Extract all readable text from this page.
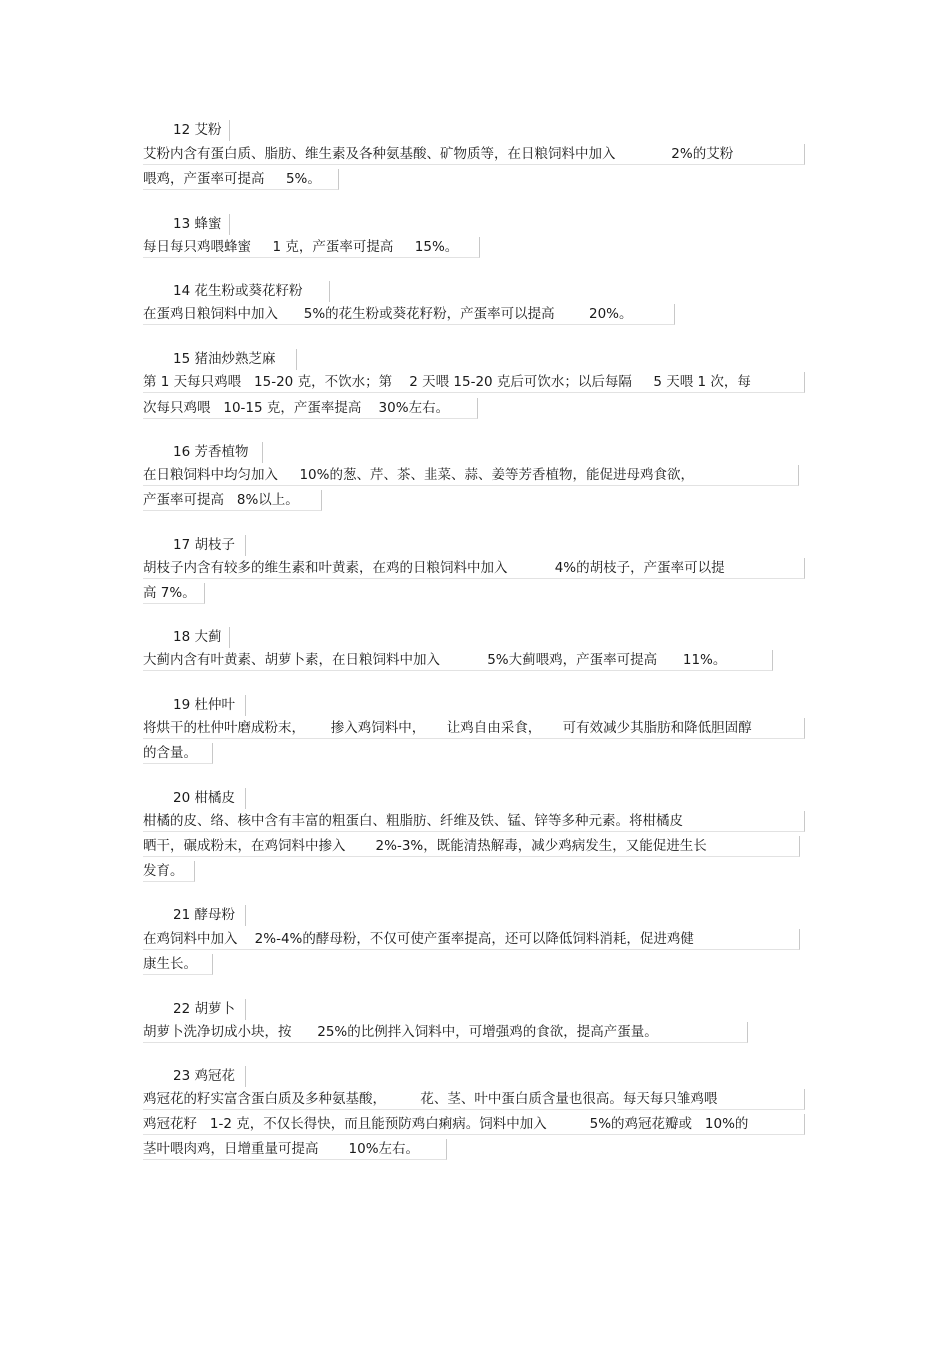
12 艾粉
艾粉内含有蛋白质、脂肪、维生素及各种氨基酸、矿物质等，在日粮饲料中加入             2%的艾粉
喂鸡，产蛋率可提高     5%。
13 蜂蜜
每日每只鸡喂蜂蜜     1 克，产蛋率可提高     15%。
14 花生粉或葵花籽粉
在蛋鸡日粮饲料中加入      5%的花生粉或葵花籽粉，产蛋率可以提高        20%。
15 猪油炒熟芝麻
第 1 天每只鸡喂   15-20 克，不饮水；第    2 天喂 15-20 克后可饮水；以后每隔     5 天喂 1 次，每
次每只鸡喂   10-15 克，产蛋率提高    30%左右。
16 芳香植物
在日粮饲料中均匀加入     10%的葱、芹、茶、韭菜、蒜、姜等芳香植物，能促进母鸡食欲，
产蛋率可提高   8%以上。
17 胡枝子
胡枝子内含有较多的维生素和叶黄素，在鸡的日粮饲料中加入           4%的胡枝子，产蛋率可以提
高 7%。
18 大蓟
大蓟内含有叶黄素、胡萝卜素，在日粮饲料中加入           5%大蓟喂鸡，产蛋率可提高      11%。
19 杜仲叶
将烘干的杜仲叶磨成粉末，      掺入鸡饲料中，     让鸡自由采食，     可有效减少其脂肪和降低胆固醇
的含量。
20 柑橘皮
柑橘的皮、络、核中含有丰富的粗蛋白、粗脂肪、纤维及铁、锰、锌等多种元素。将柑橘皮
晒干，碾成粉末，在鸡饲料中掺入       2%-3%，既能清热解毒，减少鸡病发生，又能促进生长
发育。
21 酵母粉
在鸡饲料中加入    2%-4%的酵母粉，不仅可使产蛋率提高，还可以降低饲料消耗，促进鸡健
康生长。
22 胡萝卜
胡萝卜洗净切成小块，按      25%的比例拌入饲料中，可增强鸡的食欲，提高产蛋量。
23 鸡冠花
鸡冠花的籽实富含蛋白质及多种氨基酸，        花、茎、叶中蛋白质含量也很高。每天每只雏鸡喂
鸡冠花籽   1-2 克，不仅长得快，而且能预防鸡白痢病。饲料中加入          5%的鸡冠花瓣或   10%的
茎叶喂肉鸡，日增重量可提高       10%左右。
